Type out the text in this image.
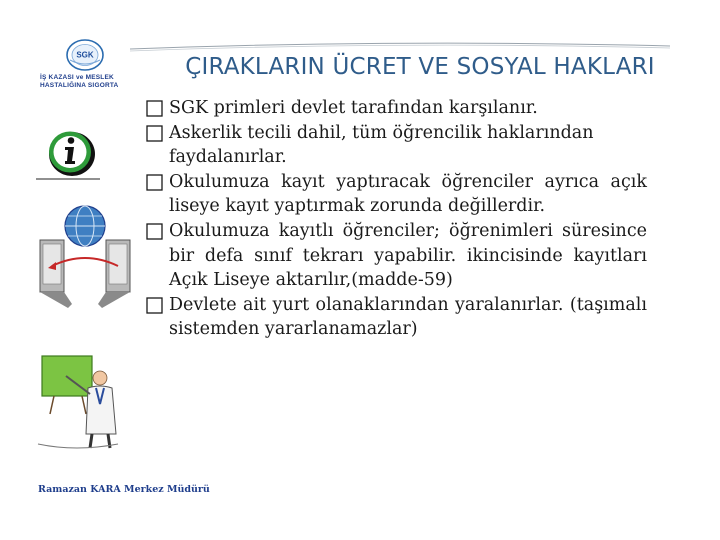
SGK
İŞ KAZASI ve MESLEK
HASTALIĞINA SIGORTA
ÇIRAKLARIN ÜCRET VE SOSYAL HAKLARI
SGK primleri devlet tarafından karşılanır.
Askerlik tecili dahil, tüm öğrencilik haklarından faydalanırlar.
Okulumuza kayıt yaptıracak öğrenciler ayrıca açık liseye kayıt yaptırmak zorunda değillerdir.
Okulumuza kayıtlı öğrenciler; öğrenimleri süresince bir defa sınıf tekrarı yapabilir. ikincisinde kayıtları Açık Liseye aktarılır,(madde-59)
Devlete ait yurt olanaklarından yaralanırlar. (taşımalı sistemden yararlanamazlar)
Ramazan KARA Merkez Müdürü
